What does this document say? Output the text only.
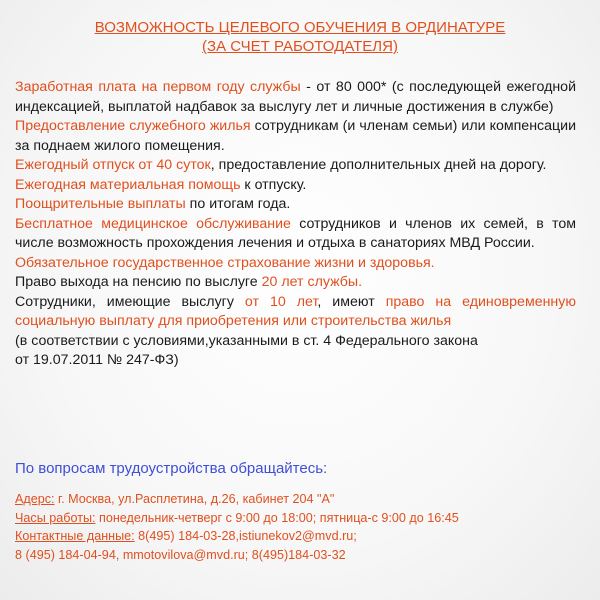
ВОЗМОЖНОСТЬ ЦЕЛЕВОГО ОБУЧЕНИЯ В ОРДИНАТУРЕ
(ЗА СЧЕТ РАБОТОДАТЕЛЯ)

Заработная плата на первом году службы - от 80 000* (с последующей ежегодной индексацией, выплатой надбавок за выслугу лет и личные достижения в службе)

Предоставление служебного жилья сотрудникам (и членам семьи) или компенсации за поднаем жилого помещения.

Ежегодный отпуск от 40 суток, предоставление дополнительных дней на дорогу.

Ежегодная материальная помощь к отпуску.

Поощрительные выплаты по итогам года.

Бесплатное медицинское обслуживание сотрудников и членов их семей, в том числе возможность прохождения лечения и отдыха в санаториях МВД России.

Обязательное государственное страхование жизни и здоровья.

Право выхода на пенсию по выслуге 20 лет службы.

Сотрудники, имеющие выслугу от 10 лет, имеют право на единовременную социальную выплату для приобретения или строительства жилья

(в соответствии с условиями,указанными в ст. 4 Федерального закона
от 19.07.2011 № 247-ФЗ)

По вопросам трудоустройства обращайтесь:
Адерс: г. Москва, ул.Расплетина, д.26, кабинет 204 "А"
Часы работы: понедельник-четверг с 9:00 до 18:00; пятница-с 9:00 до 16:45
Контактные данные: 8(495) 184-03-28,istiunekov2@mvd.ru;
8 (495) 184-04-94, mmotovilova@mvd.ru; 8(495)184-03-32
